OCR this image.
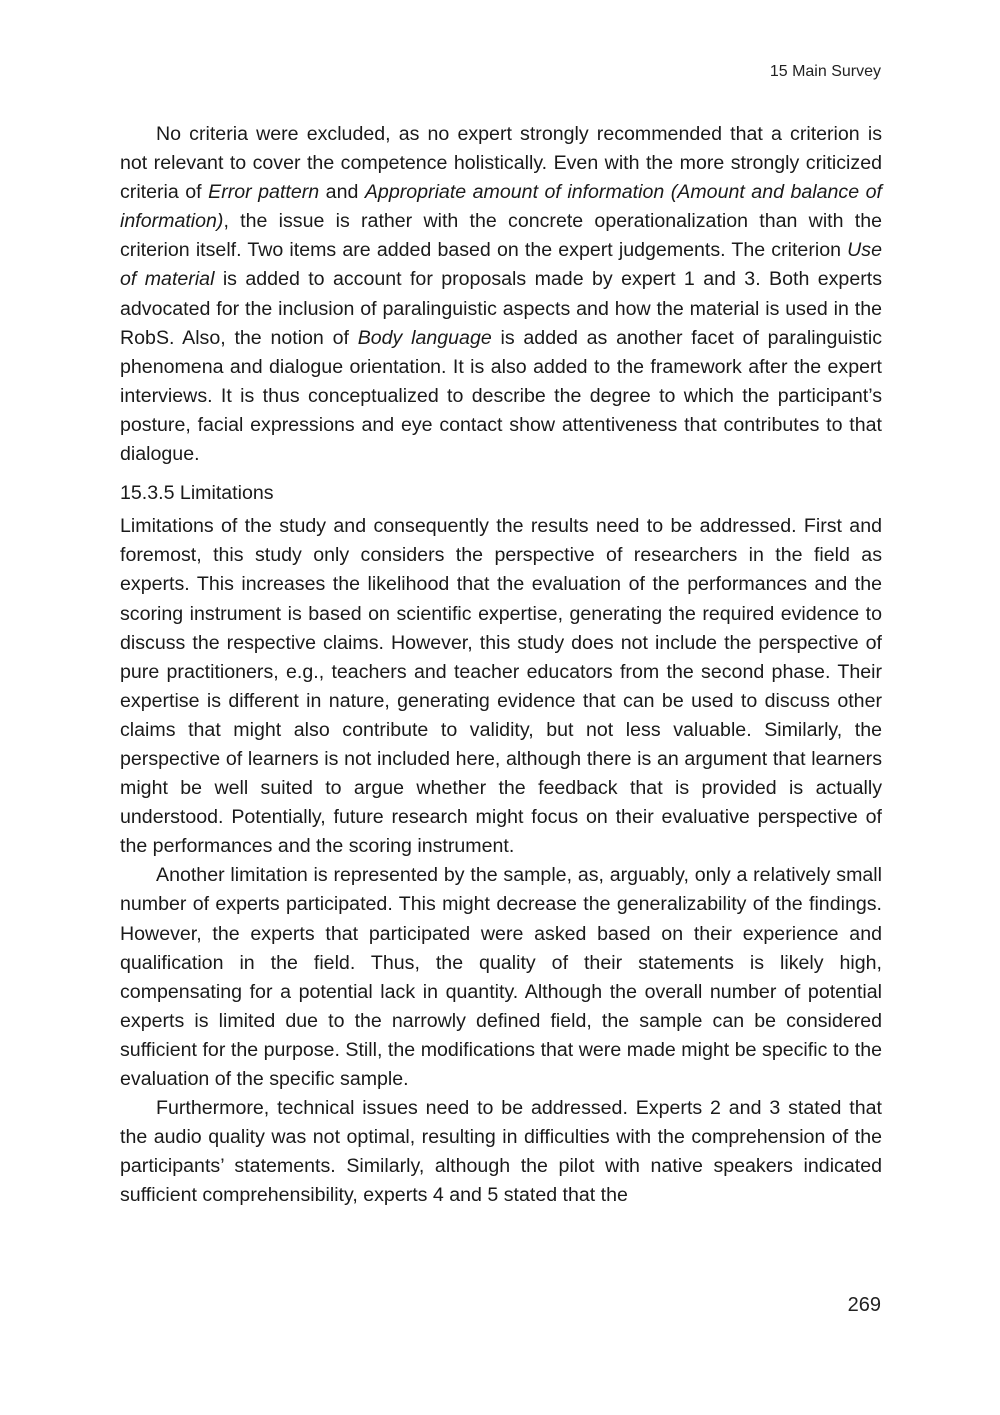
15 Main Survey

No criteria were excluded, as no expert strongly recommended that a criterion is not relevant to cover the competence holistically. Even with the more strongly criticized criteria of Error pattern and Appropriate amount of information (Amount and balance of information), the issue is rather with the concrete operationalization than with the criterion itself. Two items are added based on the expert judgements. The criterion Use of material is added to account for proposals made by expert 1 and 3. Both experts advocated for the inclusion of paralinguistic aspects and how the material is used in the RobS. Also, the notion of Body language is added as another facet of paralinguistic phenomena and dialogue orientation. It is also added to the framework after the expert interviews. It is thus conceptualized to describe the degree to which the participant’s posture, facial expressions and eye contact show attentiveness that contributes to that dialogue.

15.3.5 Limitations

Limitations of the study and consequently the results need to be addressed. First and foremost, this study only considers the perspective of researchers in the field as experts. This increases the likelihood that the evaluation of the performances and the scoring instrument is based on scientific expertise, generating the required evidence to discuss the respective claims. However, this study does not include the perspective of pure practitioners, e.g., teachers and teacher educators from the second phase. Their expertise is different in nature, generating evidence that can be used to discuss other claims that might also contribute to validity, but not less valuable. Similarly, the perspective of learners is not included here, although there is an argument that learners might be well suited to argue whether the feedback that is provided is actually understood. Potentially, future research might focus on their evaluative perspective of the performances and the scoring instrument.

Another limitation is represented by the sample, as, arguably, only a relatively small number of experts participated. This might decrease the generalizability of the findings. However, the experts that participated were asked based on their experience and qualification in the field. Thus, the quality of their statements is likely high, compensating for a potential lack in quantity. Although the overall number of potential experts is limited due to the narrowly defined field, the sample can be considered sufficient for the purpose. Still, the modifications that were made might be specific to the evaluation of the specific sample.

Furthermore, technical issues need to be addressed. Experts 2 and 3 stated that the audio quality was not optimal, resulting in difficulties with the comprehension of the participants’ statements. Similarly, although the pilot with native speakers indicated sufficient comprehensibility, experts 4 and 5 stated that the

269
